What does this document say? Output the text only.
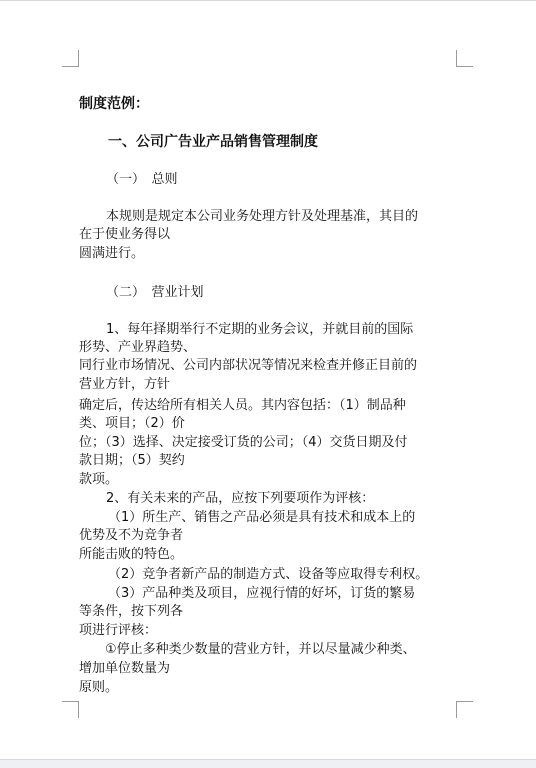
制度范例：
一、公司广告业产品销售管理制度
（一）　总则
本规则是规定本公司业务处理方针及处理基准，其目的
在于使业务得以
圆满进行。
（二）　营业计划
1、每年择期举行不定期的业务会议，并就目前的国际
形势、产业界趋势、
同行业市场情况、公司内部状况等情况来检查并修正目前的
营业方针，方针
确定后，传达给所有相关人员。其内容包括：（1）制品种
类、项目；（2）价
位；（3）选择、决定接受订货的公司；（4）交货日期及付
款日期；（5）契约
款项。
2、有关未来的产品，应按下列要项作为评核：
（1）所生产、销售之产品必须是具有技术和成本上的
优势及不为竞争者
所能击败的特色。
（2）竞争者新产品的制造方式、设备等应取得专利权。
（3）产品种类及项目，应视行情的好坏，订货的繁易
等条件，按下列各
项进行评核：
①停止多种类少数量的营业方针，并以尽量减少种类、
增加单位数量为
原则。
